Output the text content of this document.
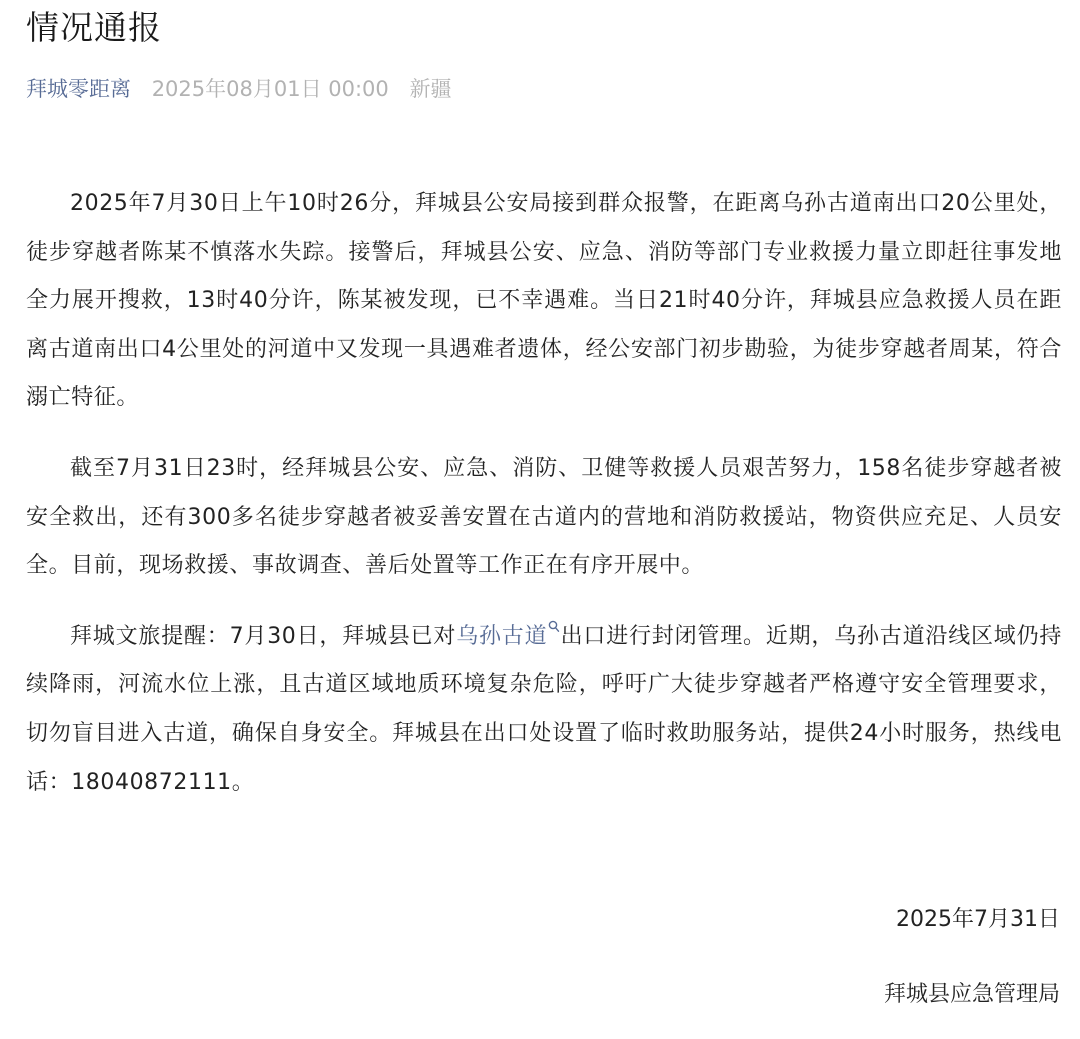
情况通报
拜城零距离 2025年08月01日 00:00 新疆

2025年7月30日上午10时26分，拜城县公安局接到群众报警，在距离乌孙古道南出口20公里处，徒步穿越者陈某不慎落水失踪。接警后，拜城县公安、应急、消防等部门专业救援力量立即赶往事发地全力展开搜救，13时40分许，陈某被发现，已不幸遇难。当日21时40分许，拜城县应急救援人员在距离古道南出口4公里处的河道中又发现一具遇难者遗体，经公安部门初步勘验，为徒步穿越者周某，符合溺亡特征。

截至7月31日23时，经拜城县公安、应急、消防、卫健等救援人员艰苦努力，158名徒步穿越者被安全救出，还有300多名徒步穿越者被妥善安置在古道内的营地和消防救援站，物资供应充足、人员安全。目前，现场救援、事故调查、善后处置等工作正在有序开展中。

拜城文旅提醒：7月30日，拜城县已对乌孙古道 出口进行封闭管理。近期，乌孙古道沿线区域仍持续降雨，河流水位上涨，且古道区域地质环境复杂危险，呼吁广大徒步穿越者严格遵守安全管理要求，切勿盲目进入古道，确保自身安全。拜城县在出口处设置了临时救助服务站，提供24小时服务，热线电话：18040872111。

2025年7月31日
拜城县应急管理局
